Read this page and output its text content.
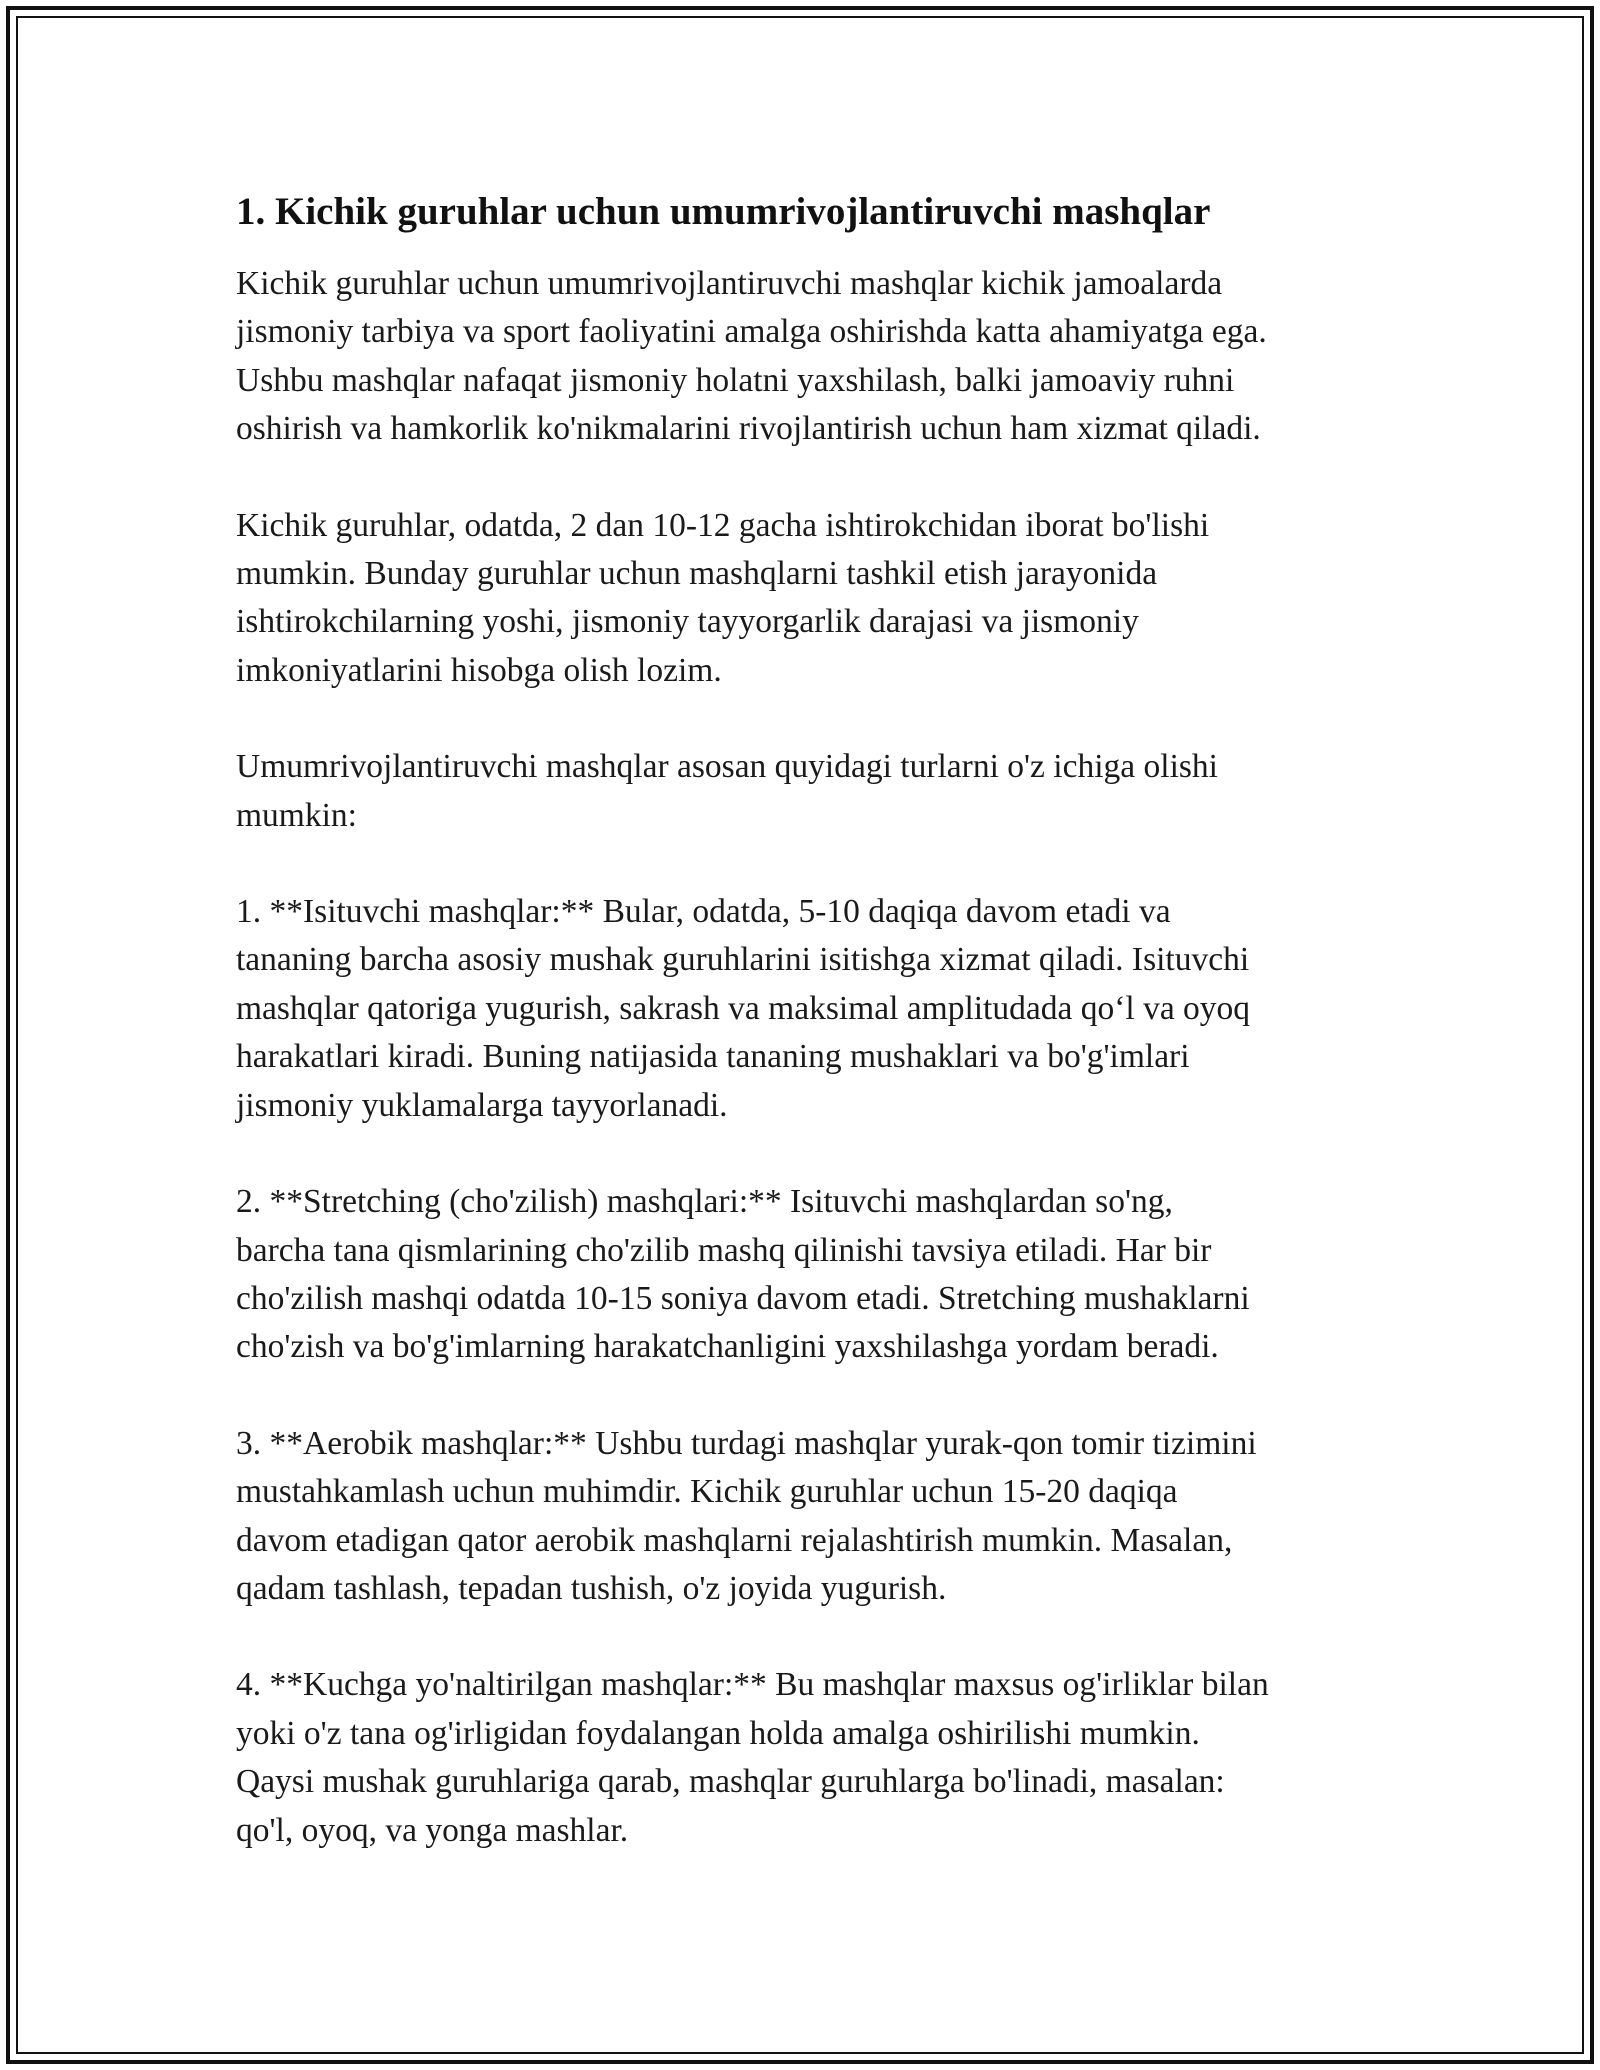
1. Kichik guruhlar uchun umumrivojlantiruvchi mashqlar

Kichik guruhlar uchun umumrivojlantiruvchi mashqlar kichik jamoalarda
jismoniy tarbiya va sport faoliyatini amalga oshirishda katta ahamiyatga ega.
Ushbu mashqlar nafaqat jismoniy holatni yaxshilash, balki jamoaviy ruhni
oshirish va hamkorlik ko'nikmalarini rivojlantirish uchun ham xizmat qiladi.

Kichik guruhlar, odatda, 2 dan 10-12 gacha ishtirokchidan iborat bo'lishi
mumkin. Bunday guruhlar uchun mashqlarni tashkil etish jarayonida
ishtirokchilarning yoshi, jismoniy tayyorgarlik darajasi va jismoniy
imkoniyatlarini hisobga olish lozim.

Umumrivojlantiruvchi mashqlar asosan quyidagi turlarni o'z ichiga olishi
mumkin:

1. **Isituvchi mashqlar:** Bular, odatda, 5-10 daqiqa davom etadi va
tananing barcha asosiy mushak guruhlarini isitishga xizmat qiladi. Isituvchi
mashqlar qatoriga yugurish, sakrash va maksimal amplitudada qo‘l va oyoq
harakatlari kiradi. Buning natijasida tananing mushaklari va bo'g'imlari
jismoniy yuklamalarga tayyorlanadi.

2. **Stretching (cho'zilish) mashqlari:** Isituvchi mashqlardan so'ng,
barcha tana qismlarining cho'zilib mashq qilinishi tavsiya etiladi. Har bir
cho'zilish mashqi odatda 10-15 soniya davom etadi. Stretching mushaklarni
cho'zish va bo'g'imlarning harakatchanligini yaxshilashga yordam beradi.

3. **Aerobik mashqlar:** Ushbu turdagi mashqlar yurak-qon tomir tizimini
mustahkamlash uchun muhimdir. Kichik guruhlar uchun 15-20 daqiqa
davom etadigan qator aerobik mashqlarni rejalashtirish mumkin. Masalan,
qadam tashlash, tepadan tushish, o'z joyida yugurish.

4. **Kuchga yo'naltirilgan mashqlar:** Bu mashqlar maxsus og'irliklar bilan
yoki o'z tana og'irligidan foydalangan holda amalga oshirilishi mumkin.
Qaysi mushak guruhlariga qarab, mashqlar guruhlarga bo'linadi, masalan:
qo'l, oyoq, va yonga mashlar.
